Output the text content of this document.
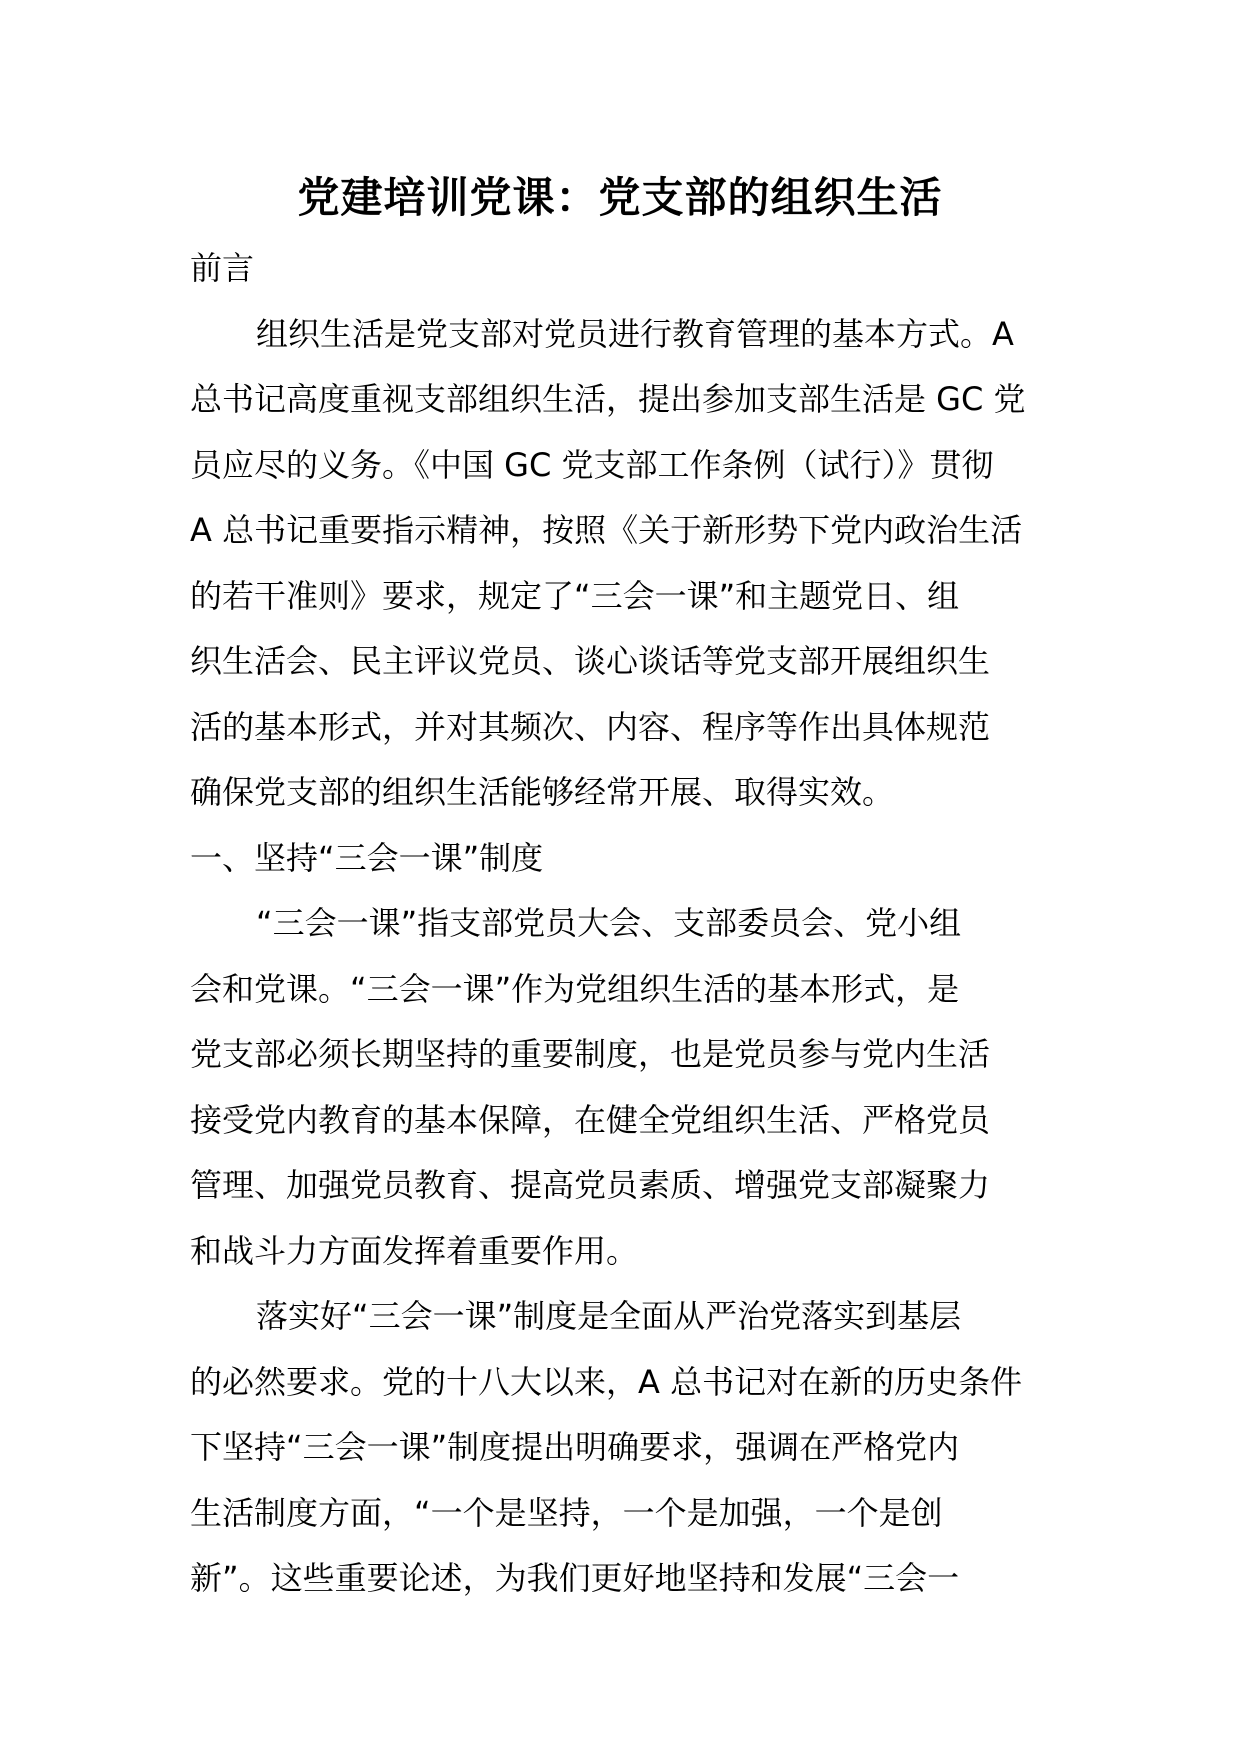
党建培训党课：党支部的组织生活
前言
组织生活是党支部对党员进行教育管理的基本方式。A
总书记高度重视支部组织生活，提出参加支部生活是 GC 党
员应尽的义务。《中国 GC 党支部工作条例（试行）》贯彻
A 总书记重要指示精神，按照《关于新形势下党内政治生活
的若干准则》要求，规定了“三会一课”和主题党日、组
织生活会、民主评议党员、谈心谈话等党支部开展组织生
活的基本形式，并对其频次、内容、程序等作出具体规范
确保党支部的组织生活能够经常开展、取得实效。
一、坚持“三会一课”制度
“三会一课”指支部党员大会、支部委员会、党小组
会和党课。“三会一课”作为党组织生活的基本形式，是
党支部必须长期坚持的重要制度，也是党员参与党内生活
接受党内教育的基本保障，在健全党组织生活、严格党员
管理、加强党员教育、提高党员素质、增强党支部凝聚力
和战斗力方面发挥着重要作用。
落实好“三会一课”制度是全面从严治党落实到基层
的必然要求。党的十八大以来，A 总书记对在新的历史条件
下坚持“三会一课”制度提出明确要求，强调在严格党内
生活制度方面，“一个是坚持，一个是加强，一个是创
新”。这些重要论述，为我们更好地坚持和发展“三会一
